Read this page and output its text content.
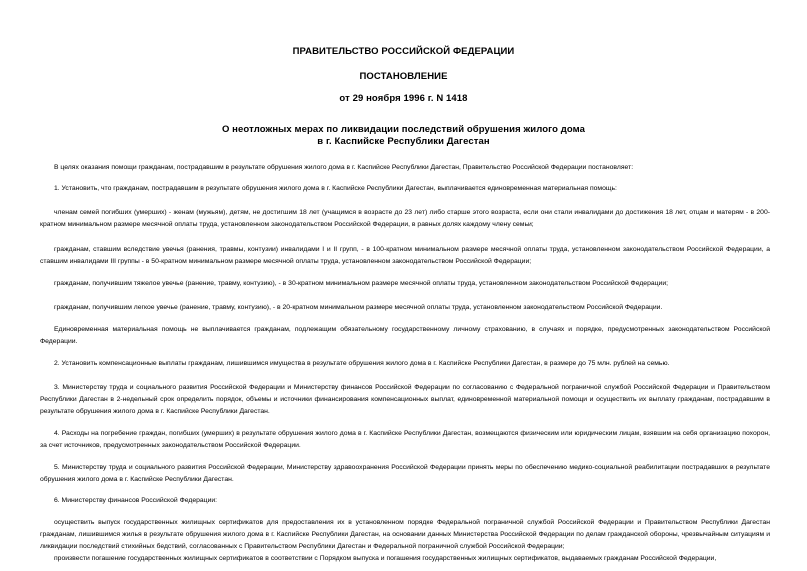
ПРАВИТЕЛЬСТВО РОССИЙСКОЙ ФЕДЕРАЦИИ
ПОСТАНОВЛЕНИЕ
от 29 ноября 1996 г. N 1418
О неотложных мерах по ликвидации последствий обрушения жилого дома
в г. Каспийске Республики Дагестан
В целях оказания помощи гражданам, пострадавшим в результате обрушения жилого дома в г. Каспийске Республики Дагестан, Правительство Российской Федерации постановляет:
1. Установить, что гражданам, пострадавшим в результате обрушения жилого дома в г. Каспийске Республики Дагестан, выплачивается единовременная материальная помощь:
членам семей погибших (умерших) - женам (мужьям), детям, не достигшим 18 лет (учащимся в возрасте до 23 лет) либо старше этого возраста, если они стали инвалидами до достижения 18 лет, отцам и матерям - в 200-кратном минимальном размере месячной оплаты труда, установленном законодательством Российской Федерации, в равных долях каждому члену семьи;
гражданам, ставшим вследствие увечья (ранения, травмы, контузии) инвалидами I и II групп, - в 100-кратном минимальном размере месячной оплаты труда, установленном законодательством Российской Федерации, а ставшим инвалидами III группы - в 50-кратном минимальном размере месячной оплаты труда, установленном законодательством Российской Федерации;
гражданам, получившим тяжелое увечье (ранение, травму, контузию), - в 30-кратном минимальном размере месячной оплаты труда, установленном законодательством Российской Федерации;
гражданам, получившим легкое увечье (ранение, травму, контузию), - в 20-кратном минимальном размере месячной оплаты труда, установленном законодательством Российской Федерации.
Единовременная материальная помощь не выплачивается гражданам, подлежащим обязательному государственному личному страхованию, в случаях и порядке, предусмотренных законодательством Российской Федерации.
2. Установить компенсационные выплаты гражданам, лишившимся имущества в результате обрушения жилого дома в г. Каспийске Республики Дагестан, в размере до 75 млн. рублей на семью.
3. Министерству труда и социального развития Российской Федерации и Министерству финансов Российской Федерации по согласованию с Федеральной пограничной службой Российской Федерации и Правительством Республики Дагестан в 2-недельный срок определить порядок, объемы и источники финансирования компенсационных выплат, единовременной материальной помощи и осуществить их выплату гражданам, пострадавшим в результате обрушения жилого дома в г. Каспийске Республики Дагестан.
4. Расходы на погребение граждан, погибших (умерших) в результате обрушения жилого дома в г. Каспийске Республики Дагестан, возмещаются физическим или юридическим лицам, взявшим на себя организацию похорон, за счет источников, предусмотренных законодательством Российской Федерации.
5. Министерству труда и социального развития Российской Федерации, Министерству здравоохранения Российской Федерации принять меры по обеспечению медико-социальной реабилитации пострадавших в результате обрушения жилого дома в г. Каспийске Республики Дагестан.
6. Министерству финансов Российской Федерации:
осуществить выпуск государственных жилищных сертификатов для предоставления их в установленном порядке Федеральной пограничной службой Российской Федерации и Правительством Республики Дагестан гражданам, лишившимся жилья в результате обрушения жилого дома в г. Каспийске Республики Дагестан, на основании данных Министерства Российской Федерации по делам гражданской обороны, чрезвычайным ситуациям и ликвидации последствий стихийных бедствий, согласованных с Правительством Республики Дагестан и Федеральной пограничной службой Российской Федерации;
произвести погашение государственных жилищных сертификатов в соответствии с Порядком выпуска и погашения государственных жилищных сертификатов, выдаваемых гражданам Российской Федерации,
